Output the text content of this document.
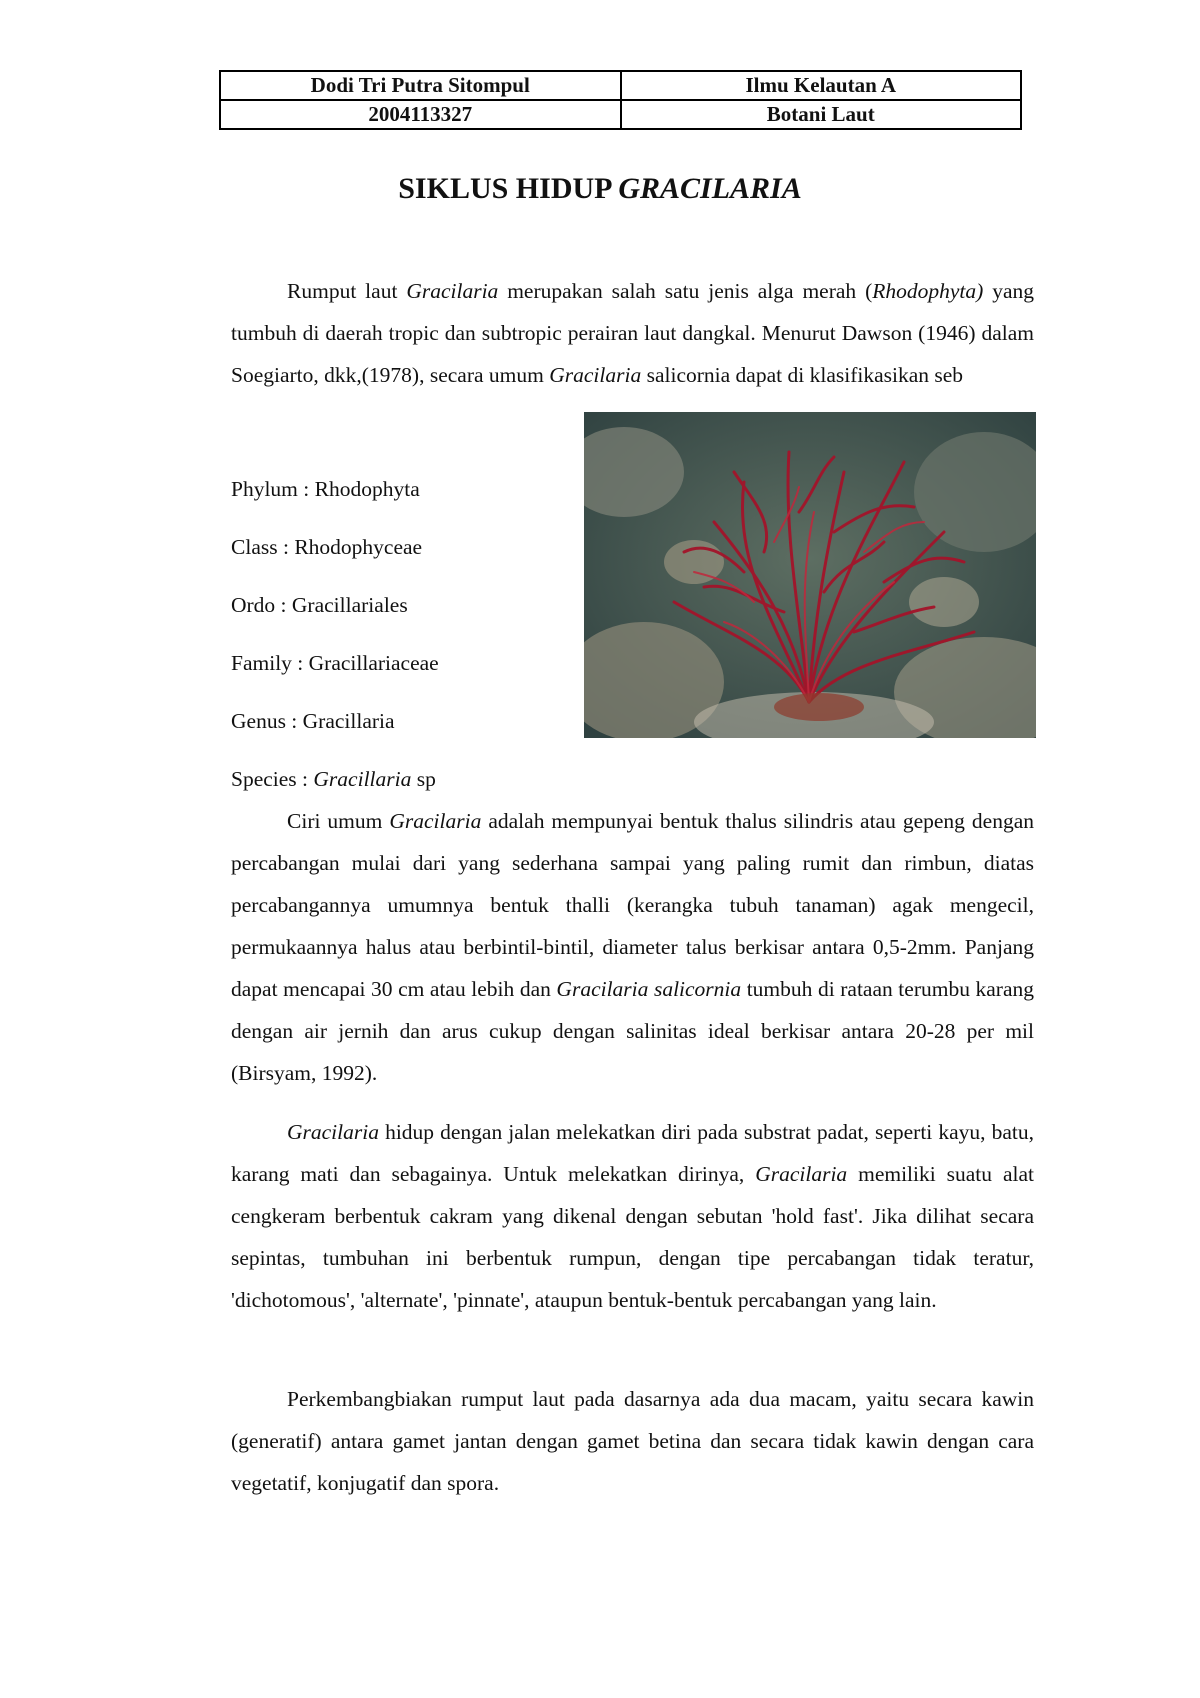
Dodi Tri Putra Sitompul	Ilmu Kelautan A
2004113327	Botani Laut
SIKLUS HIDUP GRACILARIA

Rumput laut Gracilaria merupakan salah satu jenis alga merah (Rhodophyta) yang tumbuh di daerah tropic dan subtropic perairan laut dangkal. Menurut Dawson (1946) dalam Soegiarto, dkk,(1978), secara umum Gracilaria salicornia dapat di klasifikasikan seb

Phylum : Rhodophyta
Class : Rhodophyceae
Ordo : Gracillariales
Family : Gracillariaceae
Genus : Gracillaria
Species : Gracillaria sp

Ciri umum Gracilaria adalah mempunyai bentuk thalus silindris atau gepeng dengan percabangan mulai dari yang sederhana sampai yang paling rumit dan rimbun, diatas percabangannya umumnya bentuk thalli (kerangka tubuh tanaman) agak mengecil, permukaannya halus atau berbintil-bintil, diameter talus berkisar antara 0,5-2mm. Panjang dapat mencapai 30 cm atau lebih dan Gracilaria salicornia tumbuh di rataan terumbu karang dengan air jernih dan arus cukup dengan salinitas ideal berkisar antara 20-28 per mil (Birsyam, 1992).

Gracilaria hidup dengan jalan melekatkan diri pada substrat padat, seperti kayu, batu, karang mati dan sebagainya. Untuk melekatkan dirinya, Gracilaria memiliki suatu alat cengkeram berbentuk cakram yang dikenal dengan sebutan 'hold fast'. Jika dilihat secara sepintas, tumbuhan ini berbentuk rumpun, dengan tipe percabangan tidak teratur, 'dichotomous', 'alternate', 'pinnate', ataupun bentuk-bentuk percabangan yang lain.

Perkembangbiakan rumput laut pada dasarnya ada dua macam, yaitu secara kawin (generatif) antara gamet jantan dengan gamet betina dan secara tidak kawin dengan cara vegetatif, konjugatif dan spora.
